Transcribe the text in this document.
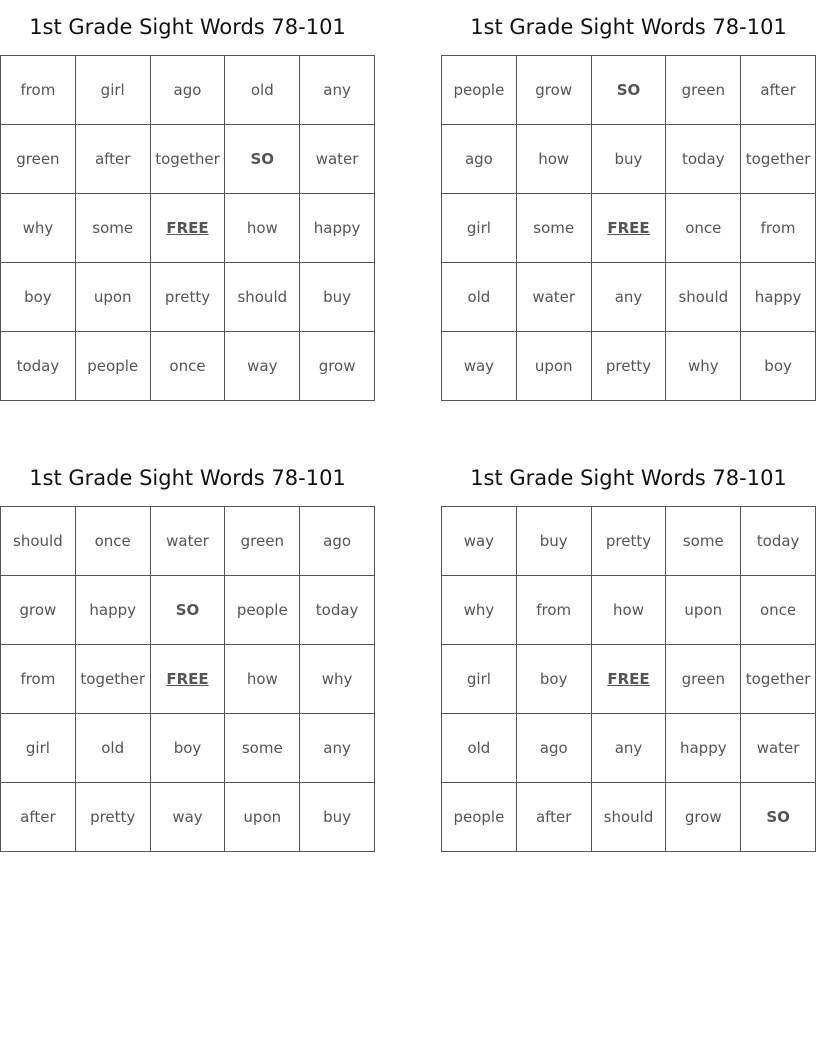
1st Grade Sight Words 78-101
from	girl	ago	old	any
green	after	together	SO	water
why	some	FREE	how	happy
boy	upon	pretty	should	buy
today	people	once	way	grow
1st Grade Sight Words 78-101
people	grow	SO	green	after
ago	how	buy	today	together
girl	some	FREE	once	from
old	water	any	should	happy
way	upon	pretty	why	boy
1st Grade Sight Words 78-101
should	once	water	green	ago
grow	happy	SO	people	today
from	together	FREE	how	why
girl	old	boy	some	any
after	pretty	way	upon	buy
1st Grade Sight Words 78-101
way	buy	pretty	some	today
why	from	how	upon	once
girl	boy	FREE	green	together
old	ago	any	happy	water
people	after	should	grow	SO
